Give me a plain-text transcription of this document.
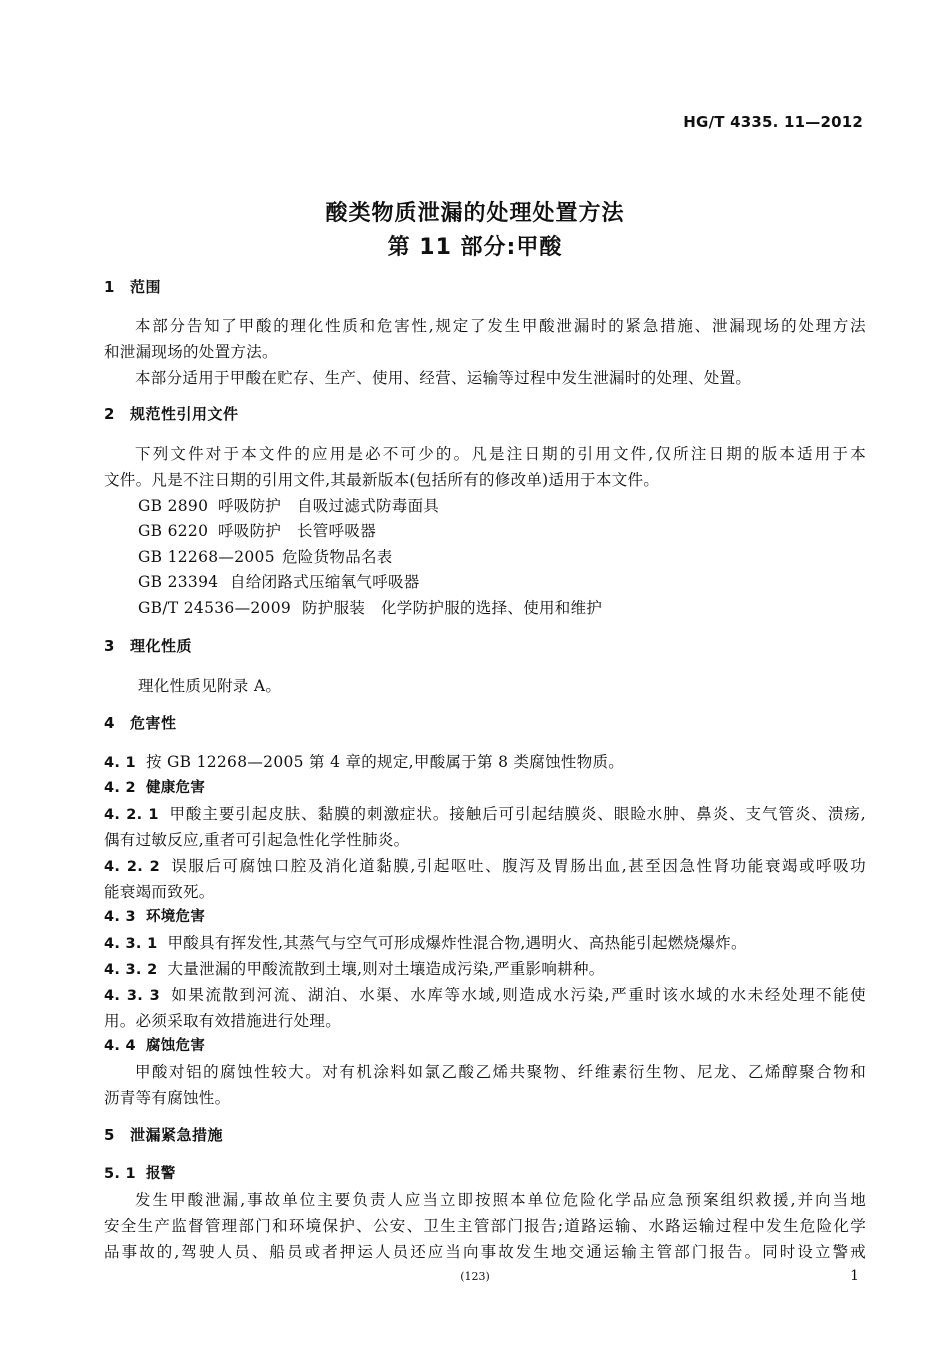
HG/T 4335. 11—2012
酸类物质泄漏的处理处置方法
第 11 部分:甲酸
1 范围
本部分告知了甲酸的理化性质和危害性,规定了发生甲酸泄漏时的紧急措施、泄漏现场的处理方法
和泄漏现场的处置方法。
本部分适用于甲酸在贮存、生产、使用、经营、运输等过程中发生泄漏时的处理、处置。
2 规范性引用文件
下列文件对于本文件的应用是必不可少的。凡是注日期的引用文件,仅所注日期的版本适用于本
文件。凡是不注日期的引用文件,其最新版本(包括所有的修改单)适用于本文件。
GB 2890 呼吸防护　自吸过滤式防毒面具
GB 6220 呼吸防护　长管呼吸器
GB 12268—2005 危险货物品名表
GB 23394 自给闭路式压缩氧气呼吸器
GB/T 24536—2009 防护服装　化学防护服的选择、使用和维护
3 理化性质
理化性质见附录 A。
4 危害性
4. 1 按 GB 12268—2005 第 4 章的规定,甲酸属于第 8 类腐蚀性物质。
4. 2 健康危害
4. 2. 1 甲酸主要引起皮肤、黏膜的刺激症状。接触后可引起结膜炎、眼睑水肿、鼻炎、支气管炎、溃疡,
偶有过敏反应,重者可引起急性化学性肺炎。
4. 2. 2 误服后可腐蚀口腔及消化道黏膜,引起呕吐、腹泻及胃肠出血,甚至因急性肾功能衰竭或呼吸功
能衰竭而致死。
4. 3 环境危害
4. 3. 1 甲酸具有挥发性,其蒸气与空气可形成爆炸性混合物,遇明火、高热能引起燃烧爆炸。
4. 3. 2 大量泄漏的甲酸流散到土壤,则对土壤造成污染,严重影响耕种。
4. 3. 3 如果流散到河流、湖泊、水渠、水库等水域,则造成水污染,严重时该水域的水未经处理不能使
用。必须采取有效措施进行处理。
4. 4 腐蚀危害
甲酸对铝的腐蚀性较大。对有机涂料如氯乙酸乙烯共聚物、纤维素衍生物、尼龙、乙烯醇聚合物和
沥青等有腐蚀性。
5 泄漏紧急措施
5. 1 报警
发生甲酸泄漏,事故单位主要负责人应当立即按照本单位危险化学品应急预案组织救援,并向当地
安全生产监督管理部门和环境保护、公安、卫生主管部门报告;道路运输、水路运输过程中发生危险化学
品事故的,驾驶人员、船员或者押运人员还应当向事故发生地交通运输主管部门报告。同时设立警戒
(123)	1
